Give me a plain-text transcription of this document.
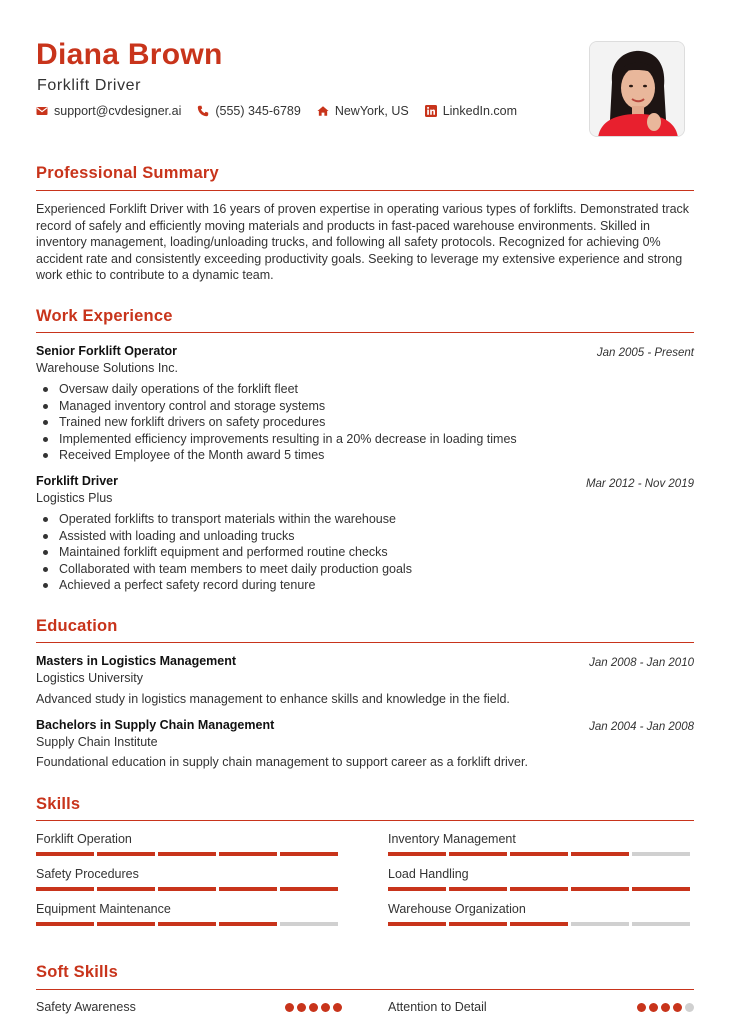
Diana Brown
Forklift Driver
support@cvdesigner.ai	(555) 345-6789	NewYork, US	LinkedIn.com
Professional Summary
Experienced Forklift Driver with 16 years of proven expertise in operating various types of forklifts. Demonstrated track record of safely and efficiently moving materials and products in fast-paced warehouse environments. Skilled in inventory management, loading/unloading trucks, and following all safety protocols. Recognized for achieving 0% accident rate and consistently exceeding productivity goals. Seeking to leverage my extensive experience and strong work ethic to contribute to a dynamic team.
Work Experience
Senior Forklift Operator	Jan 2005 - Present
Warehouse Solutions Inc.
Oversaw daily operations of the forklift fleet
Managed inventory control and storage systems
Trained new forklift drivers on safety procedures
Implemented efficiency improvements resulting in a 20% decrease in loading times
Received Employee of the Month award 5 times
Forklift Driver	Mar 2012 - Nov 2019
Logistics Plus
Operated forklifts to transport materials within the warehouse
Assisted with loading and unloading trucks
Maintained forklift equipment and performed routine checks
Collaborated with team members to meet daily production goals
Achieved a perfect safety record during tenure
Education
Masters in Logistics Management	Jan 2008 - Jan 2010
Logistics University
Advanced study in logistics management to enhance skills and knowledge in the field.
Bachelors in Supply Chain Management	Jan 2004 - Jan 2008
Supply Chain Institute
Foundational education in supply chain management to support career as a forklift driver.
Skills
Forklift Operation	Inventory Management
Safety Procedures	Load Handling
Equipment Maintenance	Warehouse Organization
Soft Skills
Safety Awareness	Attention to Detail
